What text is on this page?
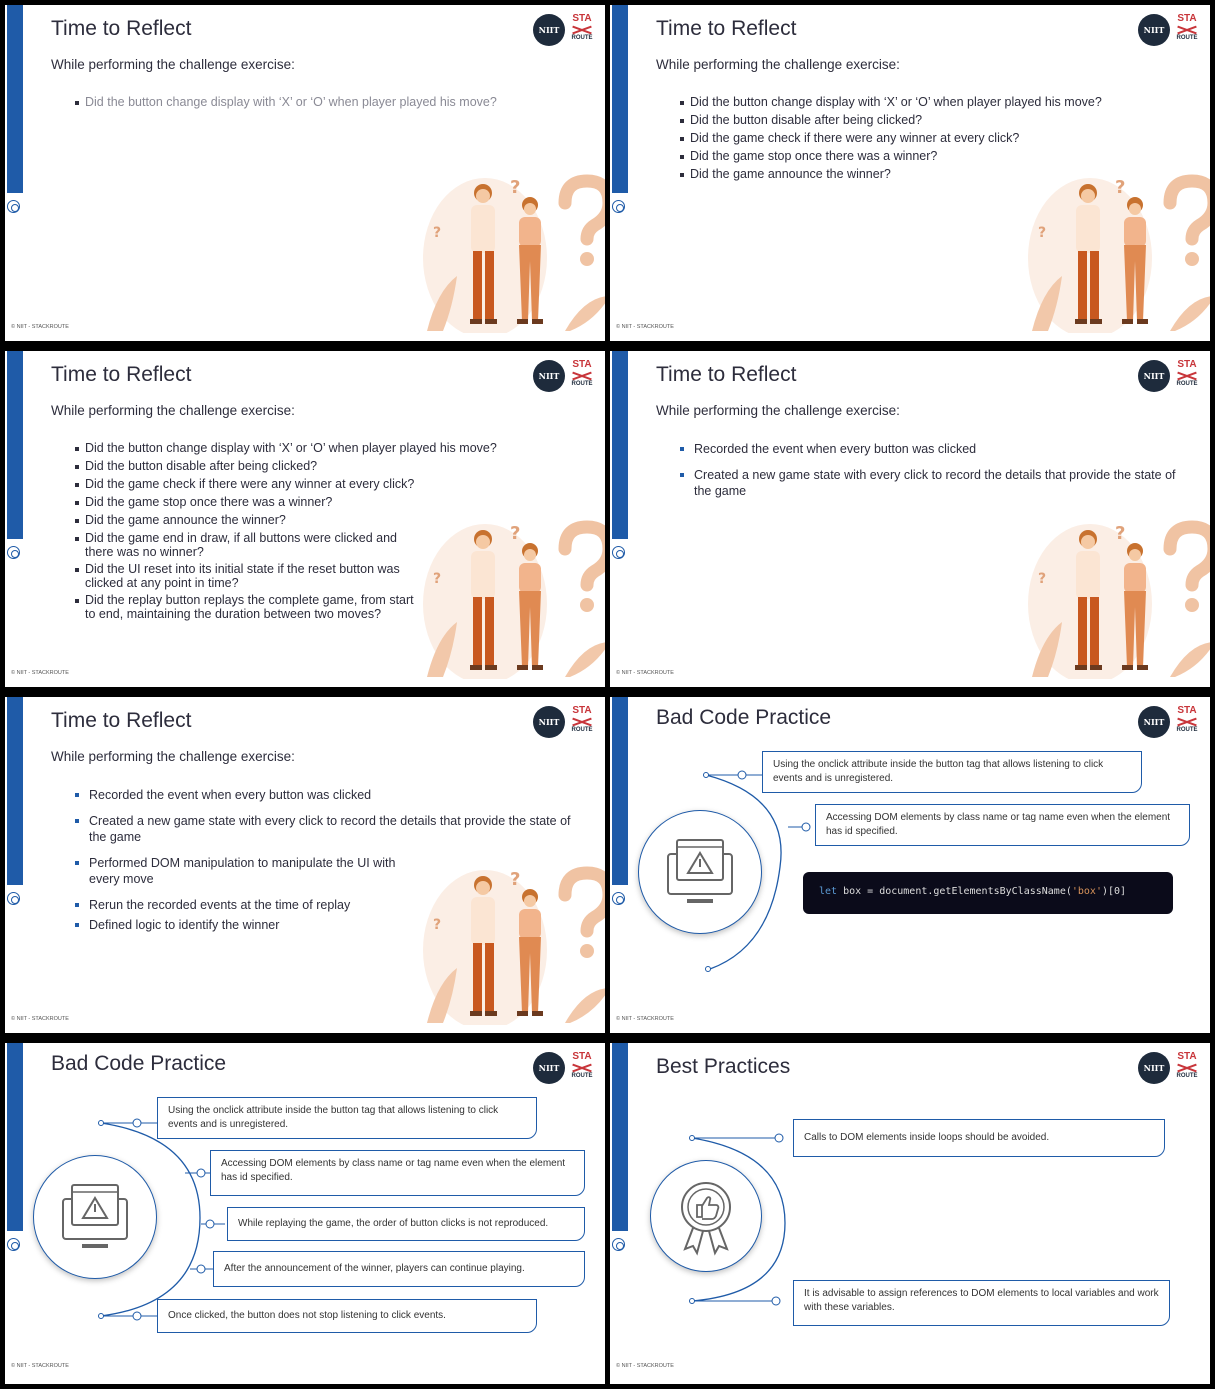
Time to Reflect	NIIT
STA
ROUTE
While performing the challenge exercise:
Did the button change display with ‘X’ or ‘O’ when player played his move?
© NIIT - STACKROUTE
Time to Reflect	NIIT
STA
ROUTE
While performing the challenge exercise:
Did the button change display with ‘X’ or ‘O’ when player played his move?
Did the button disable after being clicked?
Did the game check if there were any winner at every click?
Did the game stop once there was a winner?
Did the game announce the winner?
© NIIT - STACKROUTE
Time to Reflect	NIIT
STA
ROUTE
While performing the challenge exercise:
Did the button change display with ‘X’ or ‘O’ when player played his move?
Did the button disable after being clicked?
Did the game check if there were any winner at every click?
Did the game stop once there was a winner?
Did the game announce the winner?
Did the game end in draw, if all buttons were clicked and there was no winner?
Did the UI reset into its initial state if the reset button was clicked at any point in time?
Did the replay button replays the complete game, from start to end, maintaining the duration between two moves?
© NIIT - STACKROUTE
Time to Reflect	NIIT
STA
ROUTE
While performing the challenge exercise:
Recorded the event when every button was clicked
Created a new game state with every click to record the details that provide the state of the game
© NIIT - STACKROUTE
Time to Reflect	NIIT
STA
ROUTE
While performing the challenge exercise:
Recorded the event when every button was clicked
Created a new game state with every click to record the details that provide the state of the game
Performed DOM manipulation to manipulate the UI with every move
Rerun the recorded events at the time of replay
Defined logic to identify the winner
© NIIT - STACKROUTE
Bad Code Practice	NIIT
STA
ROUTE
Using the onclick attribute inside the button tag that allows listening to click events and is unregistered.
Accessing DOM elements by class name or tag name even when the element has id specified.
let box = document.getElementsByClassName('box')[0]
© NIIT - STACKROUTE
Bad Code Practice	NIIT
STA
ROUTE
Using the onclick attribute inside the button tag that allows listening to click events and is unregistered.
Accessing DOM elements by class name or tag name even when the element has id specified.
While replaying the game, the order of button clicks is not reproduced.
After the announcement of the winner, players can continue playing.
Once clicked, the button does not stop listening to click events.
© NIIT - STACKROUTE
Best Practices	NIIT
STA
ROUTE
Calls to DOM elements inside loops should be avoided.
It is advisable to assign references to DOM elements to local variables and work with these variables.
© NIIT - STACKROUTE
